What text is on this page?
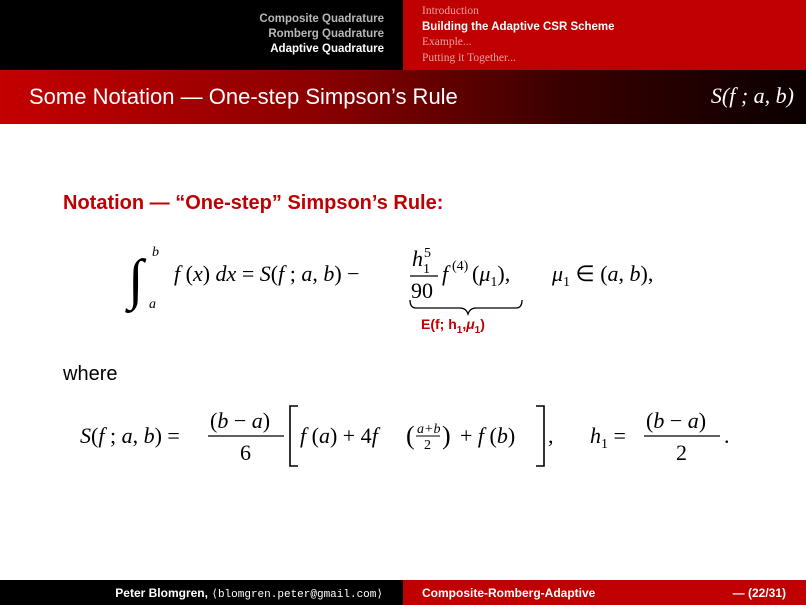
Composite Quadrature
Romberg Quadrature
Adaptive Quadrature
Introduction
Building the Adaptive CSR Scheme
Example...
Putting it Together...
Some Notation — One-step Simpson’s Rule	S(f ; a, b)
Notation — “One-step” Simpson’s Rule:
∫ b
a
f (x) dx = S(f ; a, b) −
h 5
1
90
f (4) $(\mu_1)$, $\mu_1$ ∈ (a, b),
E(f; $h_1,\mu_1$)
where
S(f ; a, b) =
(b − a)
6
f (a) + 4f ( a+b
2 ) + f (b) , $h_1$ =
(b − a)
2
.
Peter Blomgren, ⟨blomgren.peter@gmail.com⟩	Composite-Romberg-Adaptive	— (22/31)
